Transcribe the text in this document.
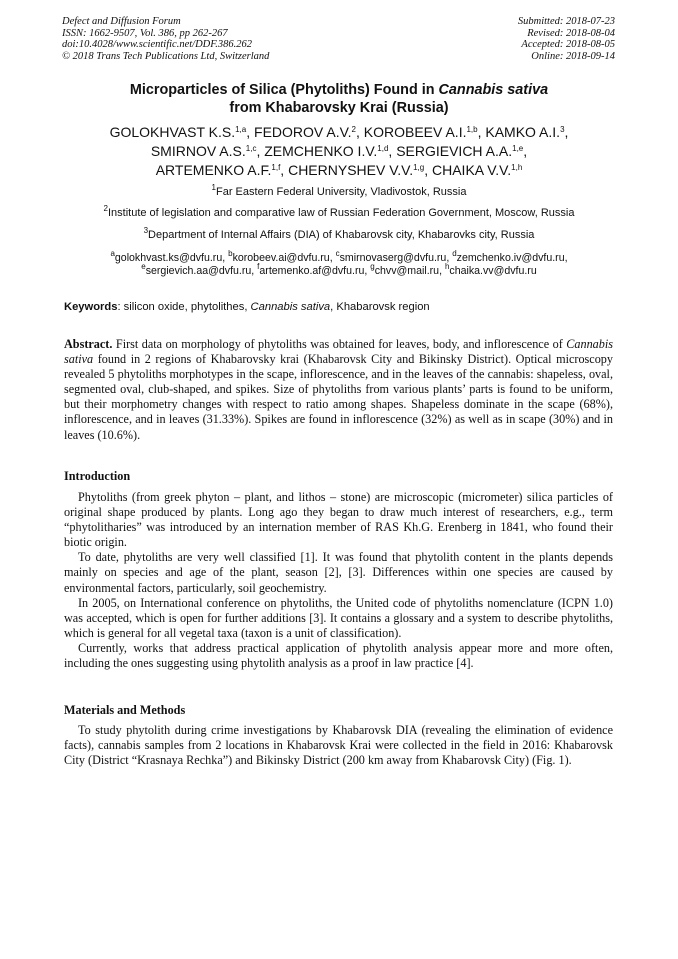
Defect and Diffusion Forum
ISSN: 1662-9507, Vol. 386, pp 262-267
doi:10.4028/www.scientific.net/DDF.386.262
© 2018 Trans Tech Publications Ltd, Switzerland
Submitted: 2018-07-23
Revised: 2018-08-04
Accepted: 2018-08-05
Online: 2018-09-14
Microparticles of Silica (Phytoliths) Found in Cannabis sativa
from Khabarovsky Krai (Russia)
GOLOKHVAST K.S.$^{1,a}$, FEDOROV A.V.$^2$, KOROBEEV A.I.$^{1,b}$, KAMKO A.I.$^3$,
SMIRNOV A.S.$^{1,c}$, ZEMCHENKO I.V.$^{1,d}$, SERGIEVICH A.A.$^{1,e}$,
ARTEMENKO A.F.$^{1,f}$, CHERNYSHEV V.V.$^{1,g}$, CHAIKA V.V.$^{1,h}$
$^1$Far Eastern Federal University, Vladivostok, Russia
$^2$Institute of legislation and comparative law of Russian Federation Government, Moscow, Russia
$^3$Department of Internal Affairs (DIA) of Khabarovsk city, Khabarovks city, Russia
$^a$golokhvast.ks@dvfu.ru, $^b$korobeev.ai@dvfu.ru, $^c$smirnovaserg@dvfu.ru, $^d$zemchenko.iv@dvfu.ru,
$^e$sergievich.aa@dvfu.ru, $^f$artemenko.af@dvfu.ru, $^g$chvv@mail.ru, $^h$chaika.vv@dvfu.ru
Keywords: silicon oxide, phytolithes, Cannabis sativa, Khabarovsk region

Abstract. First data on morphology of phytoliths was obtained for leaves, body, and inflorescence of Cannabis sativa found in 2 regions of Khabarovsky krai (Khabarovsk City and Bikinsky District). Optical microscopy revealed 5 phytoliths morphotypes in the scape, inflorescence, and in the leaves of the cannabis: shapeless, oval, segmented oval, club-shaped, and spikes. Size of phytoliths from various plants’ parts is found to be uniform, but their morphometry changes with respect to ratio among shapes. Shapeless dominate in the scape (68%), inflorescence, and in leaves (31.33%). Spikes are found in inflorescence (32%) as well as in scape (30%) and in leaves (10.6%).

Introduction

Phytoliths (from greek phyton – plant, and lithos – stone) are microscopic (micrometer) silica particles of original shape produced by plants. Long ago they began to draw much interest of researchers, e.g., term “phytolitharies” was introduced by an internation member of RAS Kh.G. Erenberg in 1841, who found their biotic origin.

To date, phytoliths are very well classified [1]. It was found that phytolith content in the plants depends mainly on species and age of the plant, season [2], [3]. Differences within one species are caused by environmental factors, particularly, soil geochemistry.

In 2005, on International conference on phytoliths, the United code of phytoliths nomenclature (ICPN 1.0) was accepted, which is open for further additions [3]. It contains a glossary and a system to describe phytoliths, which is general for all vegetal taxa (taxon is a unit of classification).

Currently, works that address practical application of phytolith analysis appear more and more often, including the ones suggesting using phytolith analysis as a proof in law practice [4].

Materials and Methods

To study phytolith during crime investigations by Khabarovsk DIA (revealing the elimination of evidence facts), cannabis samples from 2 locations in Khabarovsk Krai were collected in the field in 2016: Khabarovsk City (District “Krasnaya Rechka”) and Bikinsky District (200 km away from Khabarovsk City) (Fig. 1).
